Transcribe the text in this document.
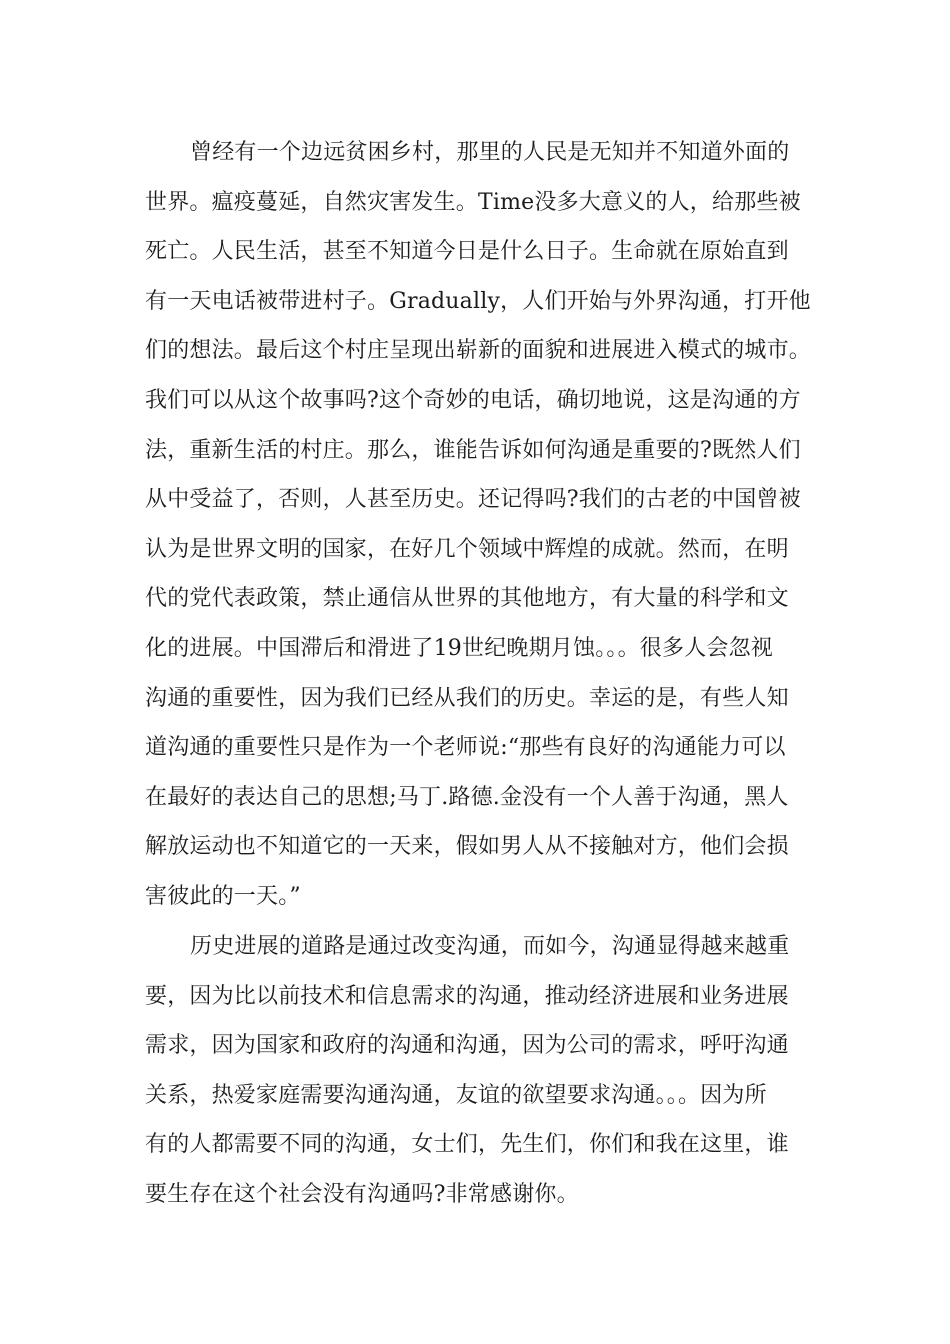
曾经有一个边远贫困乡村，那里的人民是无知并不知道外面的
世界。瘟疫蔓延，自然灾害发生。Time没多大意义的人，给那些被
死亡。人民生活，甚至不知道今日是什么日子。生命就在原始直到
有一天电话被带进村子。Gradually，人们开始与外界沟通，打开他
们的想法。最后这个村庄呈现出崭新的面貌和进展进入模式的城市。
我们可以从这个故事吗?这个奇妙的电话，确切地说，这是沟通的方
法，重新生活的村庄。那么，谁能告诉如何沟通是重要的?既然人们
从中受益了，否则，人甚至历史。还记得吗?我们的古老的中国曾被
认为是世界文明的国家，在好几个领域中辉煌的成就。然而，在明
代的党代表政策，禁止通信从世界的其他地方，有大量的科学和文
化的进展。中国滞后和滑进了19世纪晚期月蚀。。。很多人会忽视
沟通的重要性，因为我们已经从我们的历史。幸运的是，有些人知
道沟通的重要性只是作为一个老师说:“那些有良好的沟通能力可以
在最好的表达自己的思想;马丁.路德.金没有一个人善于沟通，黑人
解放运动也不知道它的一天来，假如男人从不接触对方，他们会损
害彼此的一天。”
历史进展的道路是通过改变沟通，而如今，沟通显得越来越重
要，因为比以前技术和信息需求的沟通，推动经济进展和业务进展
需求，因为国家和政府的沟通和沟通，因为公司的需求，呼吁沟通
关系，热爱家庭需要沟通沟通，友谊的欲望要求沟通。。。因为所
有的人都需要不同的沟通，女士们，先生们，你们和我在这里，谁
要生存在这个社会没有沟通吗?非常感谢你。
